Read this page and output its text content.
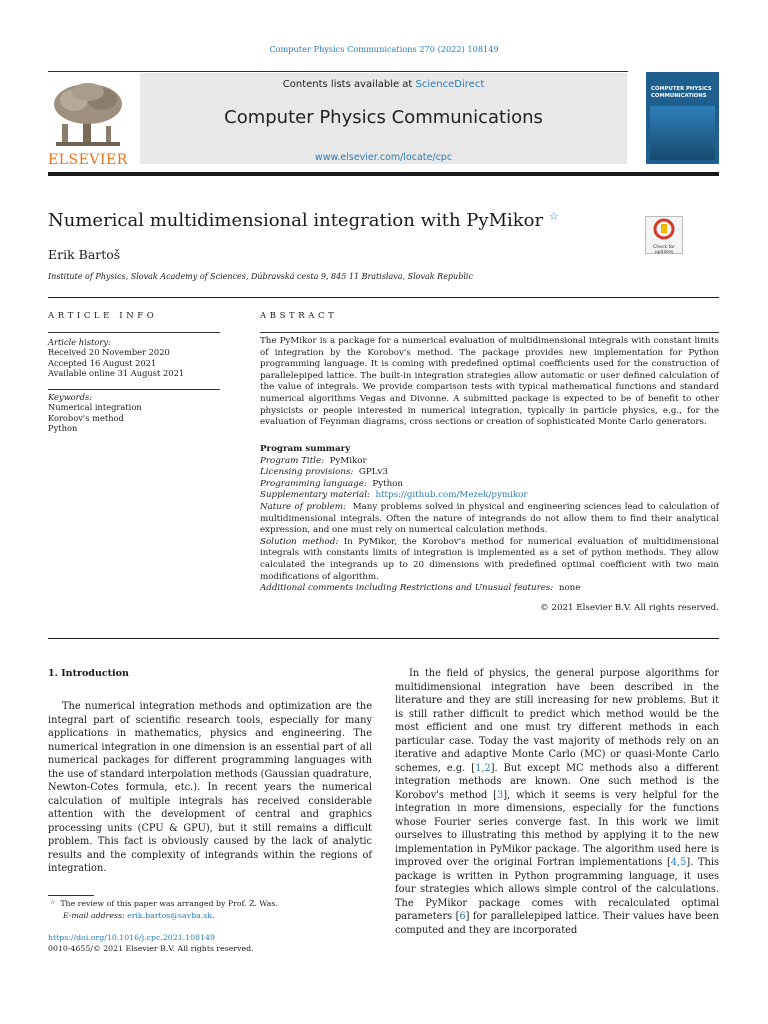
Computer Physics Communications 270 (2022) 108149
ELSEVIER
Contents lists available at ScienceDirect
Computer Physics Communications
www.elsevier.com/locate/cpc
COMPUTER PHYSICS COMMUNICATIONS
Numerical multidimensional integration with PyMikor ☆
Check for updates
Erik Bartoš
Institute of Physics, Slovak Academy of Sciences, Dúbravská cesta 9, 845 11 Bratislava, Slovak Republic
ARTICLE INFO	ABSTRACT
Article history:
Received 20 November 2020
Accepted 16 August 2021
Available online 31 August 2021
Keywords:
Numerical integration
Korobov's method
Python
The PyMikor is a package for a numerical evaluation of multidimensional integrals with constant limits of integration by the Korobov's method. The package provides new implementation for Python programming language. It is coming with predefined optimal coefficients used for the construction of parallelepiped lattice. The built-in integration strategies allow automatic or user defined calculation of the value of integrals. We provide comparison tests with typical mathematical functions and standard numerical algorithms Vegas and Divonne. A submitted package is expected to be of benefit to other physicists or people interested in numerical integration, typically in particle physics, e.g., for the evaluation of Feynman diagrams, cross sections or creation of sophisticated Monte Carlo generators.

Program summary

Program Title: PyMikor

Licensing provisions: GPLv3

Programming language: Python

Supplementary material: https://github.com/Mezek/pymikor

Nature of problem: Many problems solved in physical and engineering sciences lead to calculation of multidimensional integrals. Often the nature of integrands do not allow them to find their analytical expression, and one must rely on numerical calculation methods.

Solution method: In PyMikor, the Korobov's method for numerical evaluation of multidimensional integrals with constants limits of integration is implemented as a set of python methods. They allow calculated the integrands up to 20 dimensions with predefined optimal coefficient with two main modifications of algorithm.

Additional comments including Restrictions and Unusual features: none

© 2021 Elsevier B.V. All rights reserved.
1. Introduction
The numerical integration methods and optimization are the integral part of scientific research tools, especially for many applications in mathematics, physics and engineering. The numerical integration in one dimension is an essential part of all numerical packages for different programming languages with the use of standard interpolation methods (Gaussian quadrature, Newton-Cotes formula, etc.). In recent years the numerical calculation of multiple integrals has received considerable attention with the development of central and graphics processing units (CPU & GPU), but it still remains a difficult problem. This fact is obviously caused by the lack of analytic results and the complexity of integrands within the regions of integration.
In the field of physics, the general purpose algorithms for multidimensional integration have been described in the literature and they are still increasing for new problems. But it is still rather difficult to predict which method would be the most efficient and one must try different methods in each particular case. Today the vast majority of methods rely on an iterative and adaptive Monte Carlo (MC) or quasi-Monte Carlo schemes, e.g. [1,2]. But except MC methods also a different integration methods are known. One such method is the Korobov's method [3], which it seems is very helpful for the integration in more dimensions, especially for the functions whose Fourier series converge fast. In this work we limit ourselves to illustrating this method by applying it to the new implementation in PyMikor package. The algorithm used here is improved over the original Fortran implementations [4,5]. This package is written in Python programming language, it uses four strategies which allows simple control of the calculations. The PyMikor package comes with recalculated optimal parameters [6] for parallelepiped lattice. Their values have been computed and they are incorporated
☆ The review of this paper was arranged by Prof. Z. Was.
E-mail address: erik.bartos@savba.sk.
https://doi.org/10.1016/j.cpc.2021.108149
0010-4655/© 2021 Elsevier B.V. All rights reserved.
